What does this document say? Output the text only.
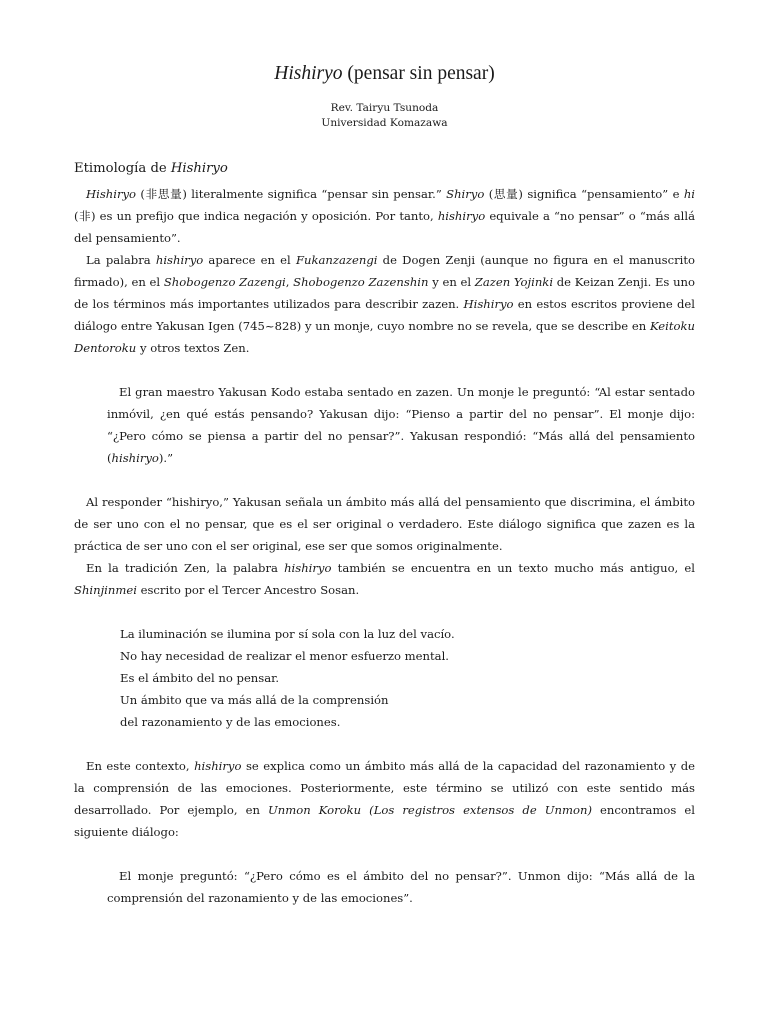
Hishiryo (pensar sin pensar)
Rev. Tairyu Tsunoda
Universidad Komazawa
Etimología de Hishiryo

Hishiryo (非思量) literalmente significa “pensar sin pensar.” Shiryo (思量) significa “pensamiento” e hi (非) es un prefijo que indica negación y oposición. Por tanto, hishiryo equivale a “no pensar” o “más allá del pensamiento”.

La palabra hishiryo aparece en el Fukanzazengi de Dogen Zenji (aunque no figura en el manuscrito firmado), en el Shobogenzo Zazengi, Shobogenzo Zazenshin y en el Zazen Yojinki de Keizan Zenji. Es uno de los términos más importantes utilizados para describir zazen. Hishiryo en estos escritos proviene del diálogo entre Yakusan Igen (745~828) y un monje, cuyo nombre no se revela, que se describe en Keitoku Dentoroku y otros textos Zen.

El gran maestro Yakusan Kodo estaba sentado en zazen. Un monje le preguntó: “Al estar sentado inmóvil, ¿en qué estás pensando? Yakusan dijo: “Pienso a partir del no pensar”. El monje dijo: “¿Pero cómo se piensa a partir del no pensar?”. Yakusan respondió: “Más allá del pensamiento (hishiryo).”

Al responder “hishiryo,” Yakusan señala un ámbito más allá del pensamiento que discrimina, el ámbito de ser uno con el no pensar, que es el ser original o verdadero. Este diálogo significa que zazen es la práctica de ser uno con el ser original, ese ser que somos originalmente.

En la tradición Zen, la palabra hishiryo también se encuentra en un texto mucho más antiguo, el Shinjinmei escrito por el Tercer Ancestro Sosan.

La iluminación se ilumina por sí sola con la luz del vacío.
No hay necesidad de realizar el menor esfuerzo mental.
Es el ámbito del no pensar.
Un ámbito que va más allá de la comprensión
del razonamiento y de las emociones.

En este contexto, hishiryo se explica como un ámbito más allá de la capacidad del razonamiento y de la comprensión de las emociones. Posteriormente, este término se utilizó con este sentido más desarrollado. Por ejemplo, en Unmon Koroku (Los registros extensos de Unmon) encontramos el siguiente diálogo:

El monje preguntó: “¿Pero cómo es el ámbito del no pensar?”. Unmon dijo: “Más allá de la comprensión del razonamiento y de las emociones”.
